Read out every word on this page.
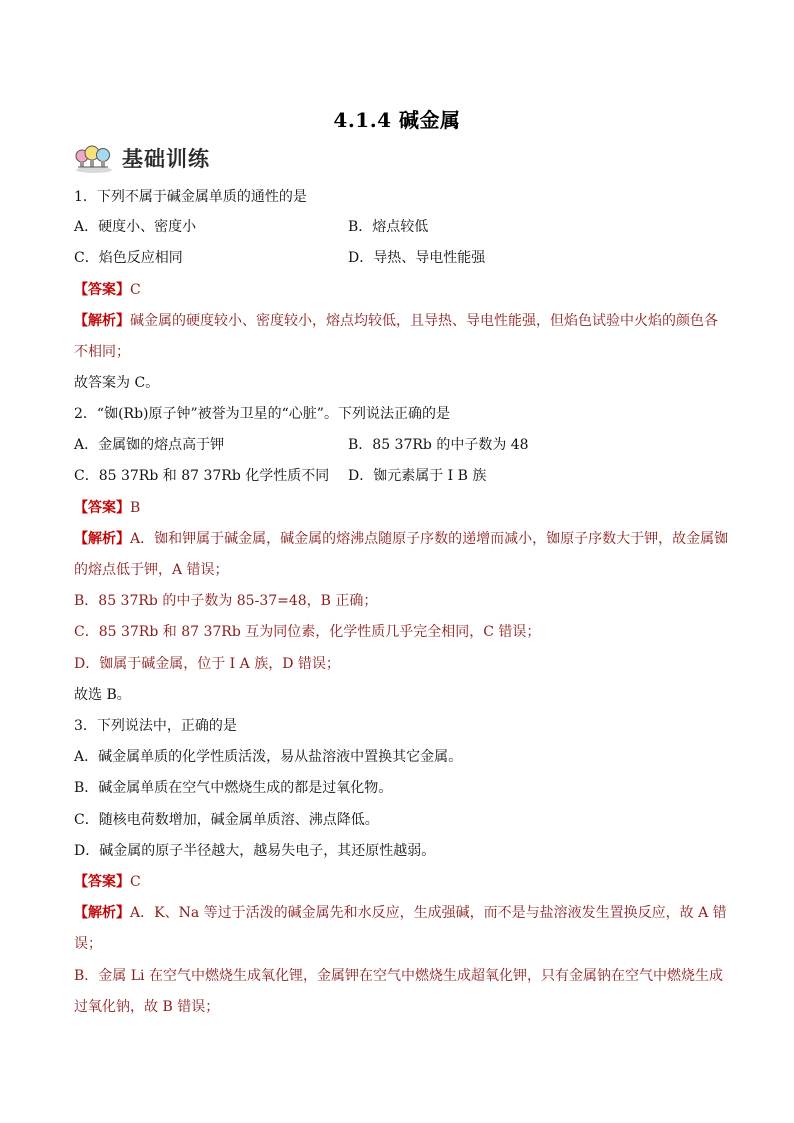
4.1.4 碱金属
基础训练
1．下列不属于碱金属单质的通性的是
A．硬度小、密度小	B．熔点较低
C．焰色反应相同	D．导热、导电性能强
【答案】C
【解析】碱金属的硬度较小、密度较小，熔点均较低，且导热、导电性能强，但焰色试验中火焰的颜色各
不相同；
故答案为 C。
2．“铷(Rb)原子钟”被誉为卫星的“心脏”。下列说法正确的是
A．金属铷的熔点高于钾	B．85 37Rb 的中子数为 48
C．85 37Rb 和 87 37Rb 化学性质不同 D．铷元素属于 I B 族
【答案】B
【解析】A．铷和钾属于碱金属，碱金属的熔沸点随原子序数的递增而减小，铷原子序数大于钾，故金属铷
的熔点低于钾，A 错误；
B．85 37Rb 的中子数为 85-37=48，B 正确；
C．85 37Rb 和 87 37Rb 互为同位素，化学性质几乎完全相同，C 错误；
D．铷属于碱金属，位于 I A 族，D 错误；
故选 B。
3．下列说法中，正确的是
A．碱金属单质的化学性质活泼，易从盐溶液中置换其它金属。
B．碱金属单质在空气中燃烧生成的都是过氧化物。
C．随核电荷数增加，碱金属单质溶、沸点降低。
D．碱金属的原子半径越大，越易失电子，其还原性越弱。
【答案】C
【解析】A．K、Na 等过于活泼的碱金属先和水反应，生成强碱，而不是与盐溶液发生置换反应，故 A 错
误；
B．金属 Li 在空气中燃烧生成氧化锂，金属钾在空气中燃烧生成超氧化钾，只有金属钠在空气中燃烧生成
过氧化钠，故 B 错误；
